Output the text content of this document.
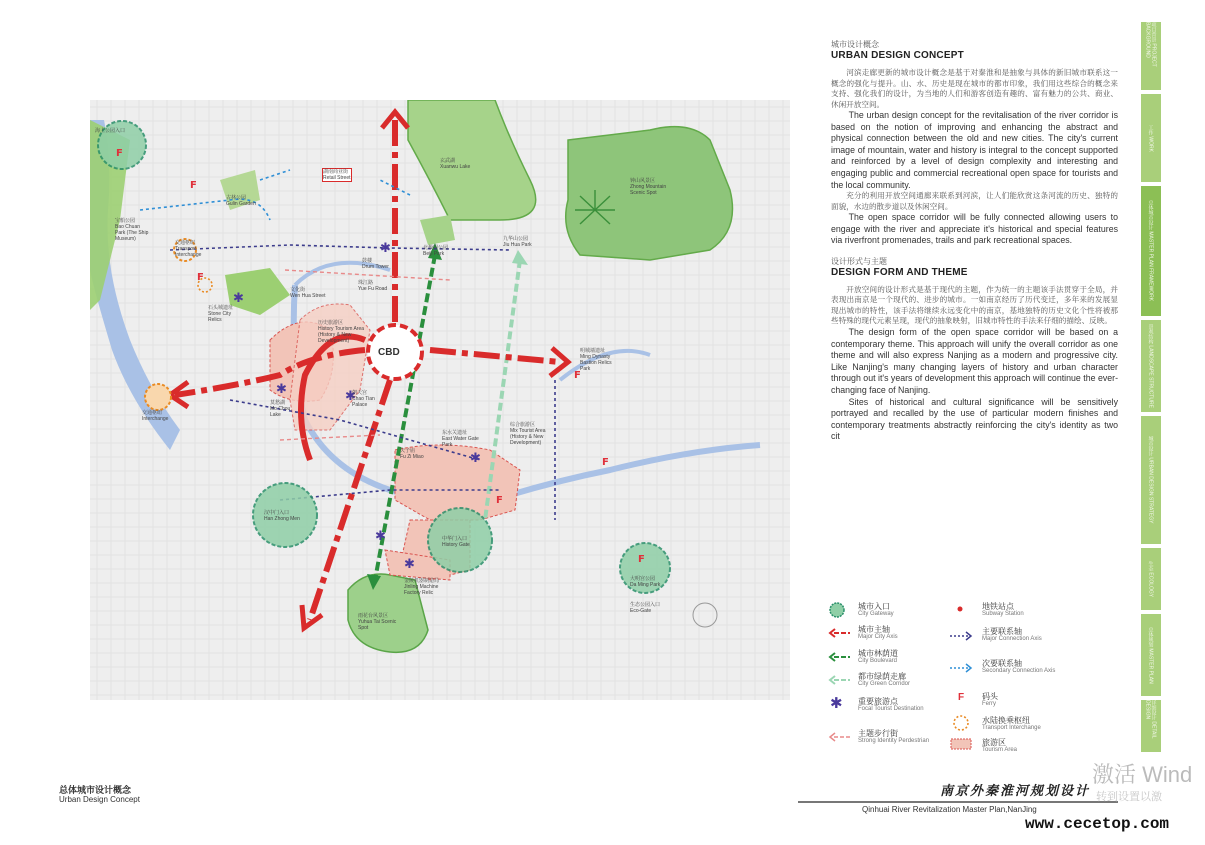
项目背景 PROJECT BACKGROUND
工作 WORK
总体城市设计 MASTER PLAN FRAMEWORK
景观结构 LANDSCAPE STRUCTURE
城市设计 URBAN DESIGN STRATEGY
生态 ECOLOGY
总体规划 MASTER PLAN
详细设计 DETAIL DESIGN
✱
✱
✱	✱
✱
✱
✱
F
F
F
F
F
F
F
海上公园入口
玄武湖
Xuanwu Lake
钟山风景区
Zhong Mountain
Scenic Spot
湖南商业街
Retail Street
古林公园
Gulin Garden
宝船公园
Bao Chuan
Park (The Ship
Museum)
交通枢纽
Transport
Interchange
鼓楼
Drum Tower
北极阁公园
Beiji Park
九华山公园
Jiu Hua Park
文化街
Wen Hua Street
珠江路
Yue Fu Road
石头城遗址
Stone City
Relics	历史旅游区
History Tourism Area
(History & New
Development)
明城墙遗址
Ming Dynasty
Bastion Relics
Park
交通枢纽
Interchange
莫愁湖
Mo Chou
Lake
朝天宫
Chao Tian
Palace
东水关遗址
East Water Gate
Park
综合旅游区
Mix Tourist Area
(History & New
Development)
夫子庙
Fu Zi Miao
汉中门入口
Han Zhong Men
中华门入口
History Gate
大明宫公园
Da Ming Park
金陵机器制造局
Jinling Machine
Factory Relic
雨花台风景区
Yuhua Tai Scenic
Spot
生态公园入口
Eco-Gate
CBD

城市设计概念

URBAN DESIGN CONCEPT

河滨走廊更新的城市设计概念是基于对秦淮和是抽象与具体的新旧城市联系这一概念的强化与提升。山、水、历史是现在城市的都市印象，我们用这些综合的概念来支持、强化我们的设计，为当地的人们和游客创造有趣的、富有魅力的公共、商业、休闲开放空间。

The urban design concept for the revitalisation of the river corridor is based on the notion of improving and enhancing the abstract and physical connection between the old and new cities. The city's current image of mountain, water and history is integral to the concept supported and reinforced by a level of design complexity and interesting and engaging public and commercial recreational open space for tourists and the local community.

充分的利用开放空间通廊来联系到河滨，让人们能欣赏这条河流的历史、独特的面貌，水边的散步道以及休闲空间。

The open space corridor will be fully connected allowing users to engage with the river and appreciate it's historical and special features via riverfront promenades, trails and park recreational spaces.

设计形式与主题

DESIGN FORM AND THEME

开放空间的设计形式是基于现代的主题，作为统一的主题该手法贯穿于全局，并表现出南京是一个现代的、进步的城市。一如南京经历了历代变迁，多年来的发展显现出城市的特性，该手法将继续永远变化中的南京，基地独特的历史文化个性将被那些特殊的现代元素呈现，现代的抽象映射，旧城市特性的手法来仔细的描绘、反映。

The design form of the open space corridor will be based on a contemporary theme. This approach will unify the overall corridor as one theme and will also express Nanjing as a modern and progressive city. Like Nanjing's many changing layers of history and urban character through out it's years of development this approach will continue the ever-changing face of Nanjing.

Sites of historical and cultural significance will be sensitively portrayed and recalled by the use of particular modern finishes and contemporary treatments abstractly reinforcing the city's identity as two cit

城市入口
City Gateway
城市主轴
Major City Axis
城市林荫道
City Boulevard
都市绿荫走廊
City Green Corridor
✱ 重要旅游点
Focal Tourist Destination
主题步行街
Strong Identity Perdestrian
地铁站点
Subway Station
主要联系轴
Major Connection Axis
次要联系轴
Secondary Connection Axis
F 码头
Ferry
水陆换乘枢纽
Transport Interchange
旅游区
Tourism Area
总体城市设计概念
Urban Design Concept
南京外秦淮河规划设计
Qinhuai River Revitalization Master Plan,NanJing
激活 Wind
转到设置以激
www.cecetop.com
